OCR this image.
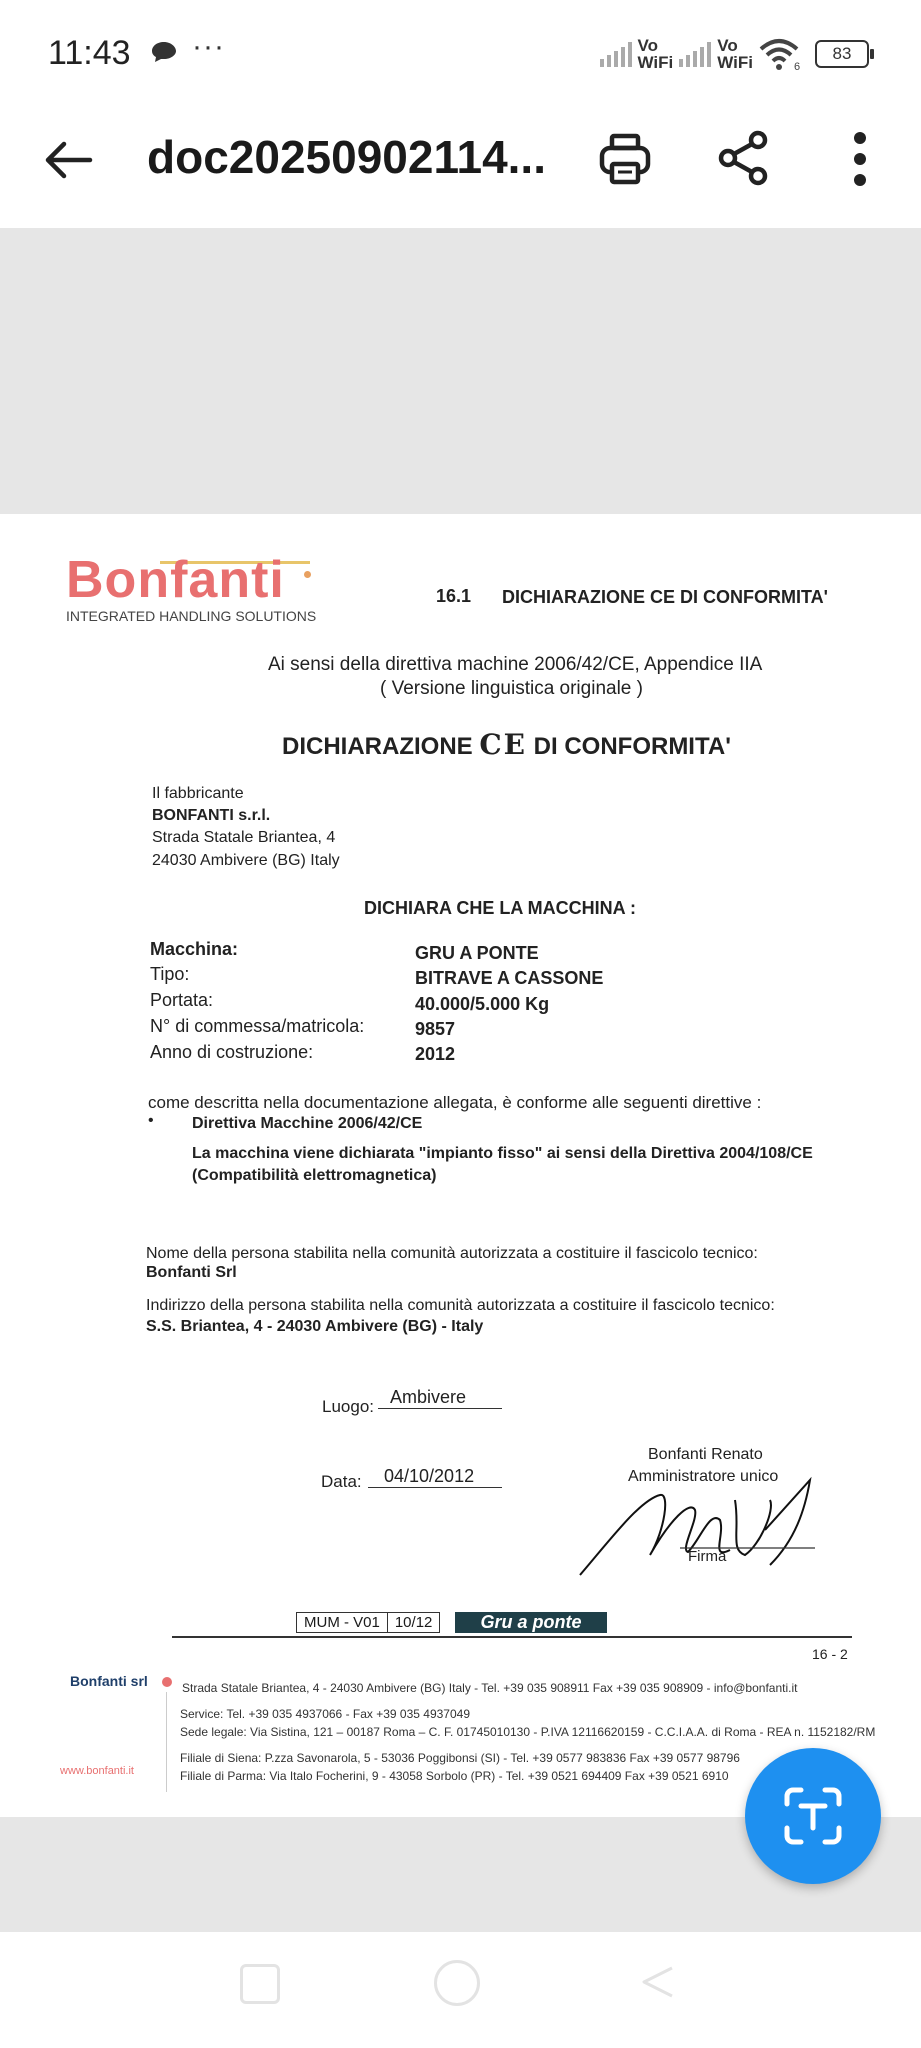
11:43 ···	Vo
WiFi
Vo
WiFi	6
83
doc20250902114...
Bonfanti
INTEGRATED HANDLING SOLUTIONS
16.1 DICHIARAZIONE CE DI CONFORMITA'
Ai sensi della direttiva machine 2006/42/CE, Appendice IIA
( Versione linguistica originale )
DICHIARAZIONE CE DI CONFORMITA'
Il fabbricante
BONFANTI s.r.l.
Strada Statale Briantea, 4
24030 Ambivere (BG) Italy
DICHIARA CHE LA MACCHINA :
Macchina:	GRU A PONTE
Tipo:	BITRAVE A CASSONE
Portata:	40.000/5.000 Kg
N° di commessa/matricola:	9857
Anno di costruzione:	2012
come descritta nella documentazione allegata, è conforme alle seguenti direttive :
• Direttiva Macchine 2006/42/CE
La macchina viene dichiarata "impianto fisso" ai sensi della Direttiva 2004/108/CE
(Compatibilità elettromagnetica)
Nome della persona stabilita nella comunità autorizzata a costituire il fascicolo tecnico:
Bonfanti Srl
Indirizzo della persona stabilita nella comunità autorizzata a costituire il fascicolo tecnico:
S.S. Briantea, 4 - 24030 Ambivere (BG) - Italy
Luogo: Ambivere
Data:	04/10/2012
Bonfanti Renato
Amministratore unico
Firma
MUM - V01	10/12	Gru a ponte
16 - 2
Bonfanti srl	Strada Statale Briantea, 4 - 24030 Ambivere (BG) Italy - Tel. +39 035 908911 Fax +39 035 908909 - info@bonfanti.it
Service: Tel. +39 035 4937066 - Fax +39 035 4937049
Sede legale: Via Sistina, 121 – 00187 Roma – C. F. 01745010130 - P.IVA 12116620159 - C.C.I.A.A. di Roma - REA n. 1152182/RM
Filiale di Siena: P.zza Savonarola, 5 - 53036 Poggibonsi (SI) - Tel. +39 0577 983836 Fax +39 0577 98796
Filiale di Parma: Via Italo Focherini, 9 - 43058 Sorbolo (PR) - Tel. +39 0521 694409 Fax +39 0521 6910
www.bonfanti.it
